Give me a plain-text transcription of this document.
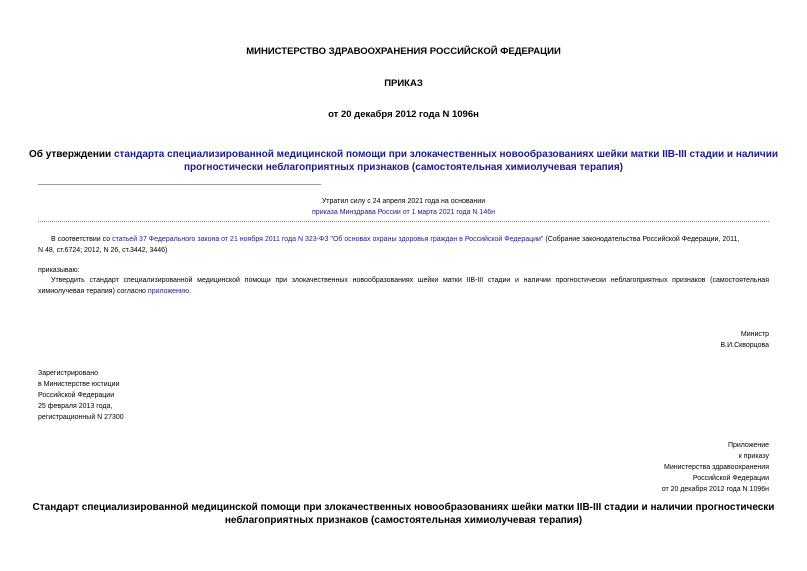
МИНИСТЕРСТВО ЗДРАВООХРАНЕНИЯ РОССИЙСКОЙ ФЕДЕРАЦИИ
ПРИКАЗ
от 20 декабря 2012 года N 1096н
Об утверждении стандарта специализированной медицинской помощи при злокачественных новообразованиях шейки матки IIB-III стадии и наличии
прогностически неблагоприятных признаков (самостоятельная химиолучевая терапия)
Утратил силу с 24 апреля 2021 года на основании
приказа Минздрава России от 1 марта 2021 года N 146н
В соответствии со статьей 37 Федерального закона от 21 ноября 2011 года N 323-ФЗ "Об основах охраны здоровья граждан в Российской Федерации" (Собрание законодательства Российской Федерации, 2011,
N 48, ст.6724; 2012, N 26, ст.3442, 3446)
приказываю:
Утвердить стандарт специализированной медицинской помощи при злокачественных новообразованиях шейки матки IIB-III стадии и наличии прогностически неблагоприятных признаков (самостоятельная
химиолучевая терапия) согласно приложению.
Министр
В.И.Скворцова
Зарегистрировано
в Министерстве юстиции
Российской Федерации
25 февраля 2013 года,
регистрационный N 27300
Приложение
к приказу
Министерства здравоохранения
Российской Федерации
от 20 декабря 2012 года N 1096н
Стандарт специализированной медицинской помощи при злокачественных новообразованиях шейки матки IIB-III стадии и наличии прогностически
неблагоприятных признаков (самостоятельная химиолучевая терапия)
